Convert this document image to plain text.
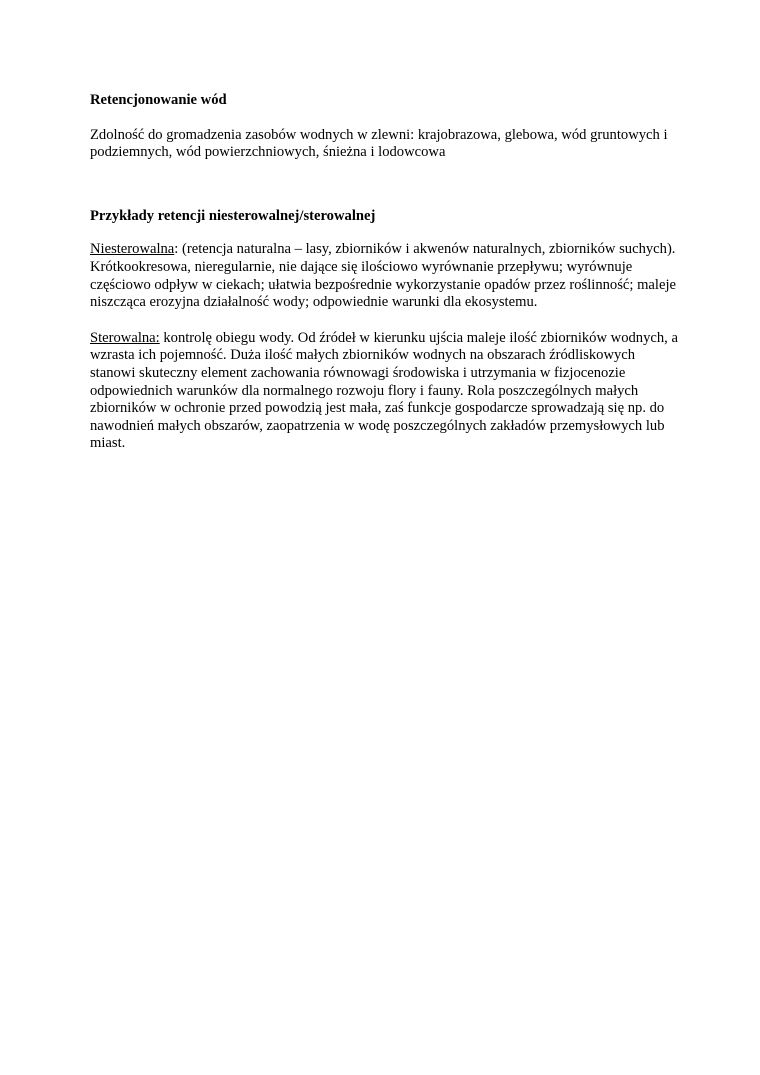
Retencjonowanie wód

Zdolność do gromadzenia zasobów wodnych w zlewni: krajobrazowa, glebowa, wód gruntowych i podziemnych, wód powierzchniowych, śnieżna i lodowcowa

Przykłady retencji niesterowalnej/sterowalnej

Niesterowalna: (retencja naturalna – lasy, zbiorników i akwenów naturalnych, zbiorników suchych). Krótkookresowa, nieregularnie, nie dające się ilościowo wyrównanie przepływu; wyrównuje częściowo odpływ w ciekach; ułatwia bezpośrednie wykorzystanie opadów przez roślinność; maleje niszcząca erozyjna działalność wody; odpowiednie warunki dla ekosystemu.

Sterowalna: kontrolę obiegu wody. Od źródeł w kierunku ujścia maleje ilość zbiorników wodnych, a wzrasta ich pojemność. Duża ilość małych zbiorników wodnych na obszarach źródliskowych stanowi skuteczny element zachowania równowagi środowiska i utrzymania w fizjocenozie odpowiednich warunków dla normalnego rozwoju flory i fauny. Rola poszczególnych małych zbiorników w ochronie przed powodzią jest mała, zaś funkcje gospodarcze sprowadzają się np. do nawodnień małych obszarów, zaopatrzenia w wodę poszczególnych zakładów przemysłowych lub miast.
